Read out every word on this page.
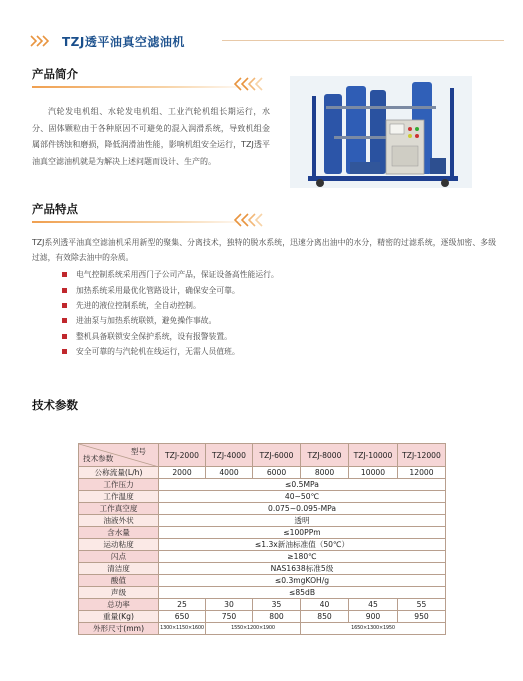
TZJ透平油真空滤油机
产品简介

汽轮发电机组、水轮发电机组、工业汽轮机组长期运行，水分、固体颗粒由于各种原因不可避免的混入润滑系统，导致机组金属部件锈蚀和磨损，降低润滑油性能，影响机组安全运行，TZJ透平油真空滤油机就是为解决上述问题而设计、生产的。

产品特点

TZJ系列透平油真空滤油机采用新型的聚集、分离技术，独特的脱水系统，迅速分离出油中的水分，精密的过滤系统，逐级加密、多级过滤，有效除去油中的杂质。

电气控制系统采用西门子公司产品，保证设备高性能运行。
加热系统采用最优化管路设计，确保安全可靠。
先进的液位控制系统，全自动控制。
进油泵与加热系统联锁，避免操作事故。
整机具备联锁安全保护系统，设有报警装置。
安全可靠的与汽轮机在线运行，无需人员值班。
技术参数
型号
技术参数	TZJ-2000	TZJ-4000	TZJ-6000	TZJ-8000	TZJ-10000	TZJ-12000
公称流量(L/h)	2000	4000	6000	8000	10000	12000
工作压力	≤0.5MPa					
工作温度	40~50℃					
工作真空度	0.075~0.095-MPa					
油液外状	透明					
含水量	≤100PPm					
运动粘度	≤1.3x新油标准值（50℃）					
闪点	≥180℃					
清洁度	NAS1638标准5级					
酸值	≤0.3mgKOH/g					
声级	≤85dB					
总功率	25	30	35	40	45	55
重量(Kg)	650	750	800	850	900	950
外形尺寸(mm)	1300×1150×1600	1550×1200×1900		1650×1300×1950		
